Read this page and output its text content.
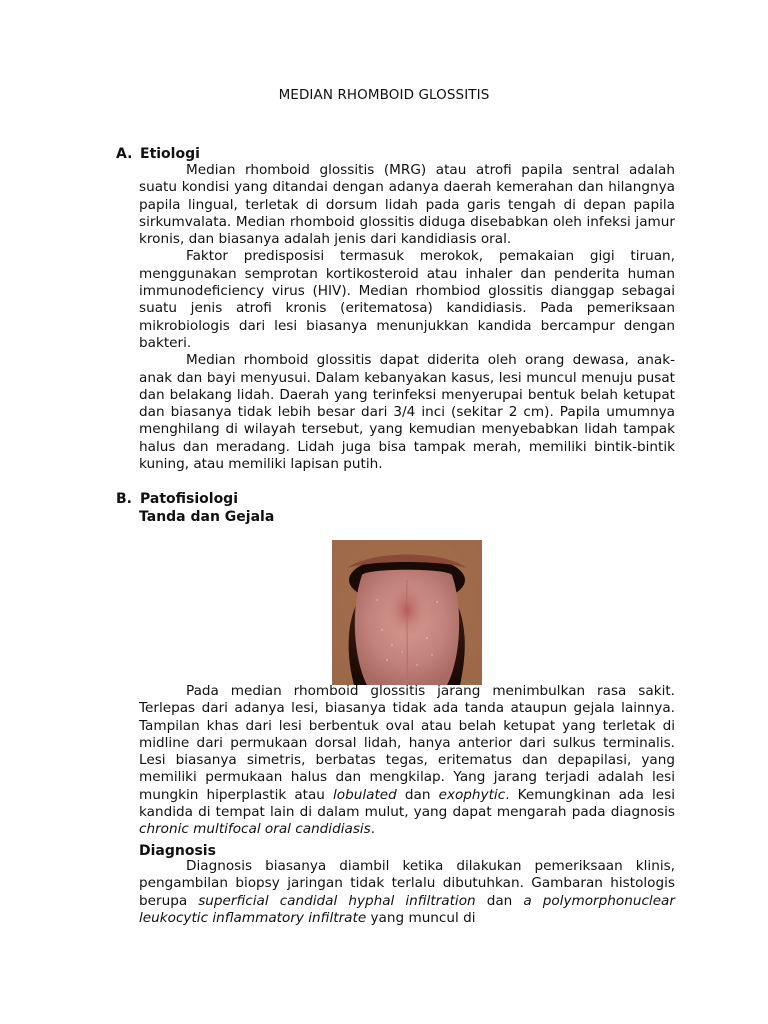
MEDIAN RHOMBOID GLOSSITIS
A. Etiologi

Median rhomboid glossitis (MRG) atau atrofi papila sentral adalah suatu kondisi yang ditandai dengan adanya daerah kemerahan dan hilangnya papila lingual, terletak di dorsum lidah pada garis tengah di depan papila sirkumvalata. Median rhomboid glossitis diduga disebabkan oleh infeksi jamur kronis, dan biasanya adalah jenis dari kandidiasis oral.

Faktor predisposisi termasuk merokok, pemakaian gigi tiruan, menggunakan semprotan kortikosteroid atau inhaler dan penderita human immunodeficiency virus (HIV). Median rhombiod glossitis dianggap sebagai suatu jenis atrofi kronis (eritematosa) kandidiasis. Pada pemeriksaan mikrobiologis dari lesi biasanya menunjukkan kandida bercampur dengan bakteri.

Median rhomboid glossitis dapat diderita oleh orang dewasa, anak-anak dan bayi menyusui. Dalam kebanyakan kasus, lesi muncul menuju pusat dan belakang lidah. Daerah yang terinfeksi menyerupai bentuk belah ketupat dan biasanya tidak lebih besar dari 3/4 inci (sekitar 2 cm). Papila umumnya menghilang di wilayah tersebut, yang kemudian menyebabkan lidah tampak halus dan meradang. Lidah juga bisa tampak merah, memiliki bintik-bintik kuning, atau memiliki lapisan putih.

B. Patofisiologi
Tanda dan Gejala

Pada median rhomboid glossitis jarang menimbulkan rasa sakit. Terlepas dari adanya lesi, biasanya tidak ada tanda ataupun gejala lainnya. Tampilan khas dari lesi berbentuk oval atau belah ketupat yang terletak di midline dari permukaan dorsal lidah, hanya anterior dari sulkus terminalis. Lesi biasanya simetris, berbatas tegas, eritematus dan depapilasi, yang memiliki permukaan halus dan mengkilap. Yang jarang terjadi adalah lesi mungkin hiperplastik atau lobulated dan exophytic. Kemungkinan ada lesi kandida di tempat lain di dalam mulut, yang dapat mengarah pada diagnosis chronic multifocal oral candidiasis.

Diagnosis

Diagnosis biasanya diambil ketika dilakukan pemeriksaan klinis, pengambilan biopsy jaringan tidak terlalu dibutuhkan. Gambaran histologis berupa superficial candidal hyphal infiltration dan a polymorphonuclear leukocytic inflammatory infiltrate yang muncul di
